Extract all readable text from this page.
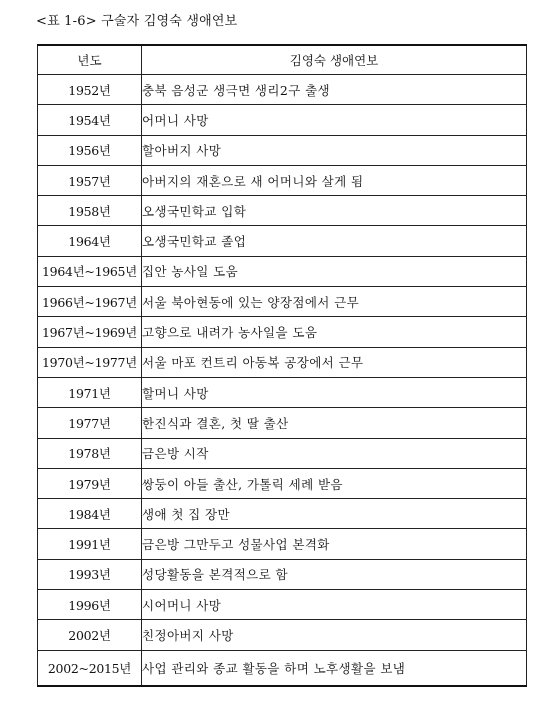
<표 1-6> 구술자 김영숙 생애연보
년도	김영숙 생애연보
1952년	충북 음성군 생극면 생리2구 출생
1954년	어머니 사망
1956년	할아버지 사망
1957년	아버지의 재혼으로 새 어머니와 살게 됨
1958년	오생국민학교 입학
1964년	오생국민학교 졸업
1964년~1965년	집안 농사일 도움
1966년~1967년	서울 북아현동에 있는 양장점에서 근무
1967년~1969년	고향으로 내려가 농사일을 도움
1970년~1977년	서울 마포 컨트리 아동복 공장에서 근무
1971년	할머니 사망
1977년	한진식과 결혼, 첫 딸 출산
1978년	금은방 시작
1979년	쌍둥이 아들 출산, 가톨릭 세례 받음
1984년	생애 첫 집 장만
1991년	금은방 그만두고 성물사업 본격화
1993년	성당활동을 본격적으로 함
1996년	시어머니 사망
2002년	친정아버지 사망
2002~2015년	사업 관리와 종교 활동을 하며 노후생활을 보냄
